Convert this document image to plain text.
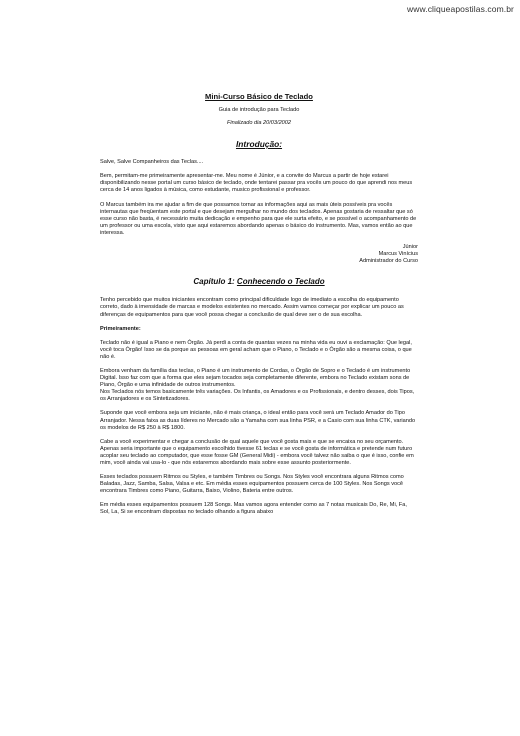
www.cliqueapostilas.com.br
Mini-Curso Básico de Teclado
Guia de introdução para Teclado
Finalizado dia 20/03/2002
Introdução:

Salve, Salve Companheiros das Teclas....

Bem, permitam-me primeiramente apresentar-me. Meu nome é Júnior, e a convite do Marcus a partir de hoje estarei disponibilizando nesse portal um curso básico de teclado, onde tentarei passar pra vocês um pouco do que aprendi nos meus cerca de 14 anos ligados à música, como estudante, musico profissional e professor.

O Marcus também ira me ajudar a fim de que possamos tornar as informações aqui as mais úteis possíveis pra vocês internautas que freqüentam este portal e que desejam mergulhar no mundo dos teclados. Apenas gostaria de ressaltar que só esse curso não basta, é necessário muita dedicação e empenho para que ele surta efeito, e se possível o acompanhamento de um professor ou uma escola, visto que aqui estaremos abordando apenas o básico do instrumento. Mas, vamos então ao que interessa.

Júnior
Marcus Vinícius
Administrador do Curso
Capítulo 1: Conhecendo o Teclado

Tenho percebido que muitos iniciantes encontram como principal dificuldade logo de imediato a escolha do equipamento correto, dado à imensidade de marcas e modelos existentes no mercado. Assim vamos começar por explicar um pouco as diferenças de equipamentos para que você possa chegar a conclusão de qual deve ser o de sua escolha.

Primeiramente:

Teclado não é igual a Piano e nem Órgão. Já perdi a conta de quantas vezes na minha vida eu ouvi a exclamação: Que legal, você toca Órgão! Isso se da porque as pessoas em geral acham que o Piano, o Teclado e o Órgão são a mesma coisa, o que não é.

Embora venham da família das teclas, o Piano é um instrumento de Cordas, o Órgão de Sopro e o Teclado é um instrumento Digital. Isso faz com que a forma que eles sejam tocados seja completamente diferente, embora no Teclado existam sons de Piano, Órgão e uma infinidade de outros instrumentos.

Nos Teclados nós temos basicamente três variações. Os Infantis, os Amadores e os Profissionais, e dentro desses, dois Tipos, os Arranjadores e os Sintetizadores.

Suponde que você embora seja um iniciante, não é mais criança, o ideal então para você será um Teclado Amador do Tipo Arranjador. Nessa faixa as duas líderes no Mercado são a Yamaha com sua linha PSR, e a Casio com sua linha CTK, variando os modelos de R$ 250 à R$ 1800.

Cabe a você experimentar e chegar a conclusão de qual aquele que você gosta mais e que se encaixa no seu orçamento. Apenas seria importante que o equipamento escolhido tivesse 61 teclas e se você gosta de informática e pretende num futuro acoplar seu teclado ao computador, que esse fosse GM (General Midi) - embora você talvez não saiba o que é isso, confie em mim, você ainda vai usa-lo - que nós estaremos abordando mais sobre esse assunto posteriormente.

Esses teclados possuem Ritmos ou Styles, e também Timbres ou Songs. Nos Styles você encontrara alguns Ritmos como Baladas, Jazz, Samba, Salsa, Valsa e etc. Em média esses equipamentos possuem cerca de 100 Styles. Nos Songs você encontrara Timbres como Piano, Guitarra, Baixo, Violino, Bateria entre outros.

Em média esses equipamentos possuem 128 Songs. Mas vamos agora entender como as 7 notas musicais Do, Re, Mi, Fa, Sol, La, Si se encontram dispostas no teclado olhando a figura abaixo
